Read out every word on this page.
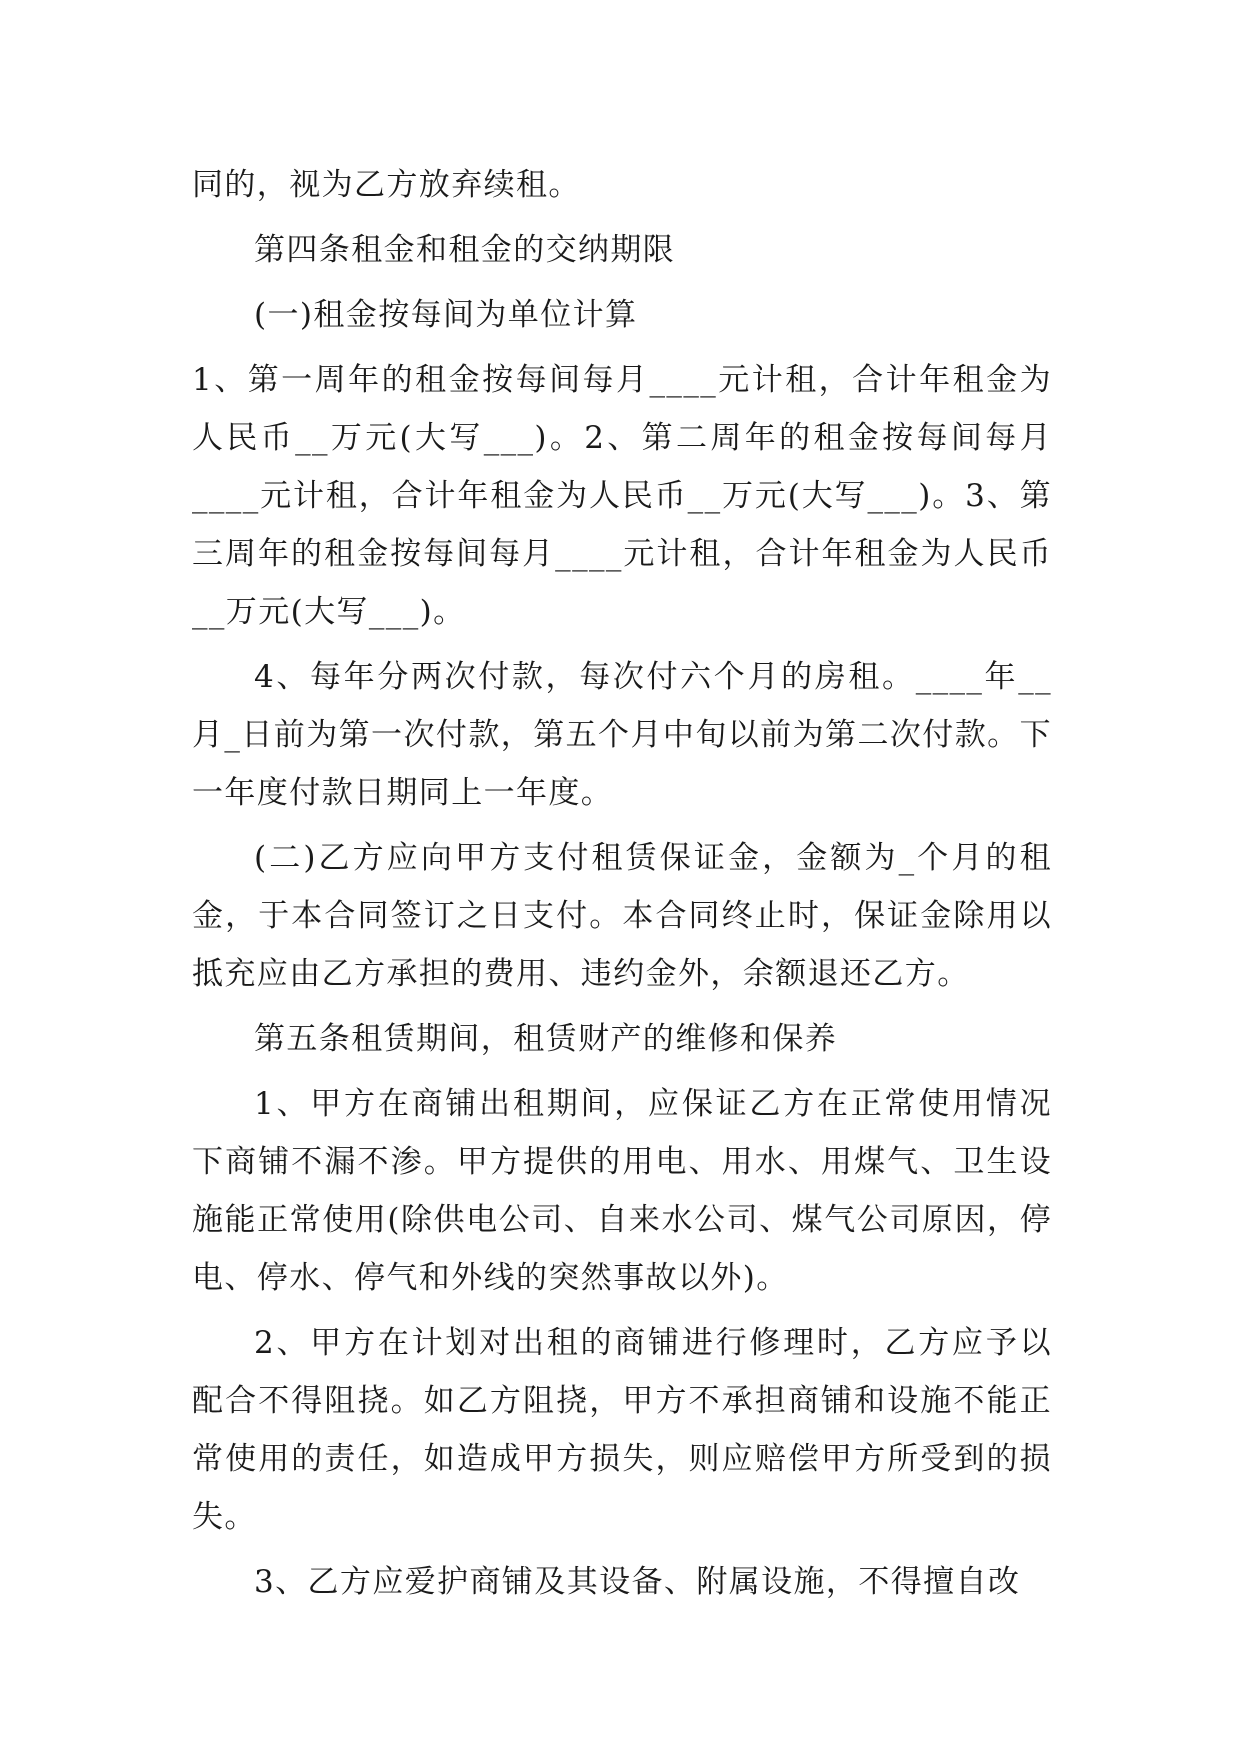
同的，视为乙方放弃续租。

第四条租金和租金的交纳期限

(一)租金按每间为单位计算

1、第一周年的租金按每间每月____元计租，合计年租金为人民币__万元(大写___)。2、第二周年的租金按每间每月____元计租，合计年租金为人民币__万元(大写___)。3、第三周年的租金按每间每月____元计租，合计年租金为人民币__万元(大写___)。

4、每年分两次付款，每次付六个月的房租。____年__月_日前为第一次付款，第五个月中旬以前为第二次付款。下一年度付款日期同上一年度。

(二)乙方应向甲方支付租赁保证金，金额为_个月的租金，于本合同签订之日支付。本合同终止时，保证金除用以抵充应由乙方承担的费用、违约金外，余额退还乙方。

第五条租赁期间，租赁财产的维修和保养

1、甲方在商铺出租期间，应保证乙方在正常使用情况下商铺不漏不渗。甲方提供的用电、用水、用煤气、卫生设施能正常使用(除供电公司、自来水公司、煤气公司原因，停电、停水、停气和外线的突然事故以外)。

2、甲方在计划对出租的商铺进行修理时，乙方应予以配合不得阻挠。如乙方阻挠，甲方不承担商铺和设施不能正常使用的责任，如造成甲方损失，则应赔偿甲方所受到的损失。

3、乙方应爱护商铺及其设备、附属设施，不得擅自改
